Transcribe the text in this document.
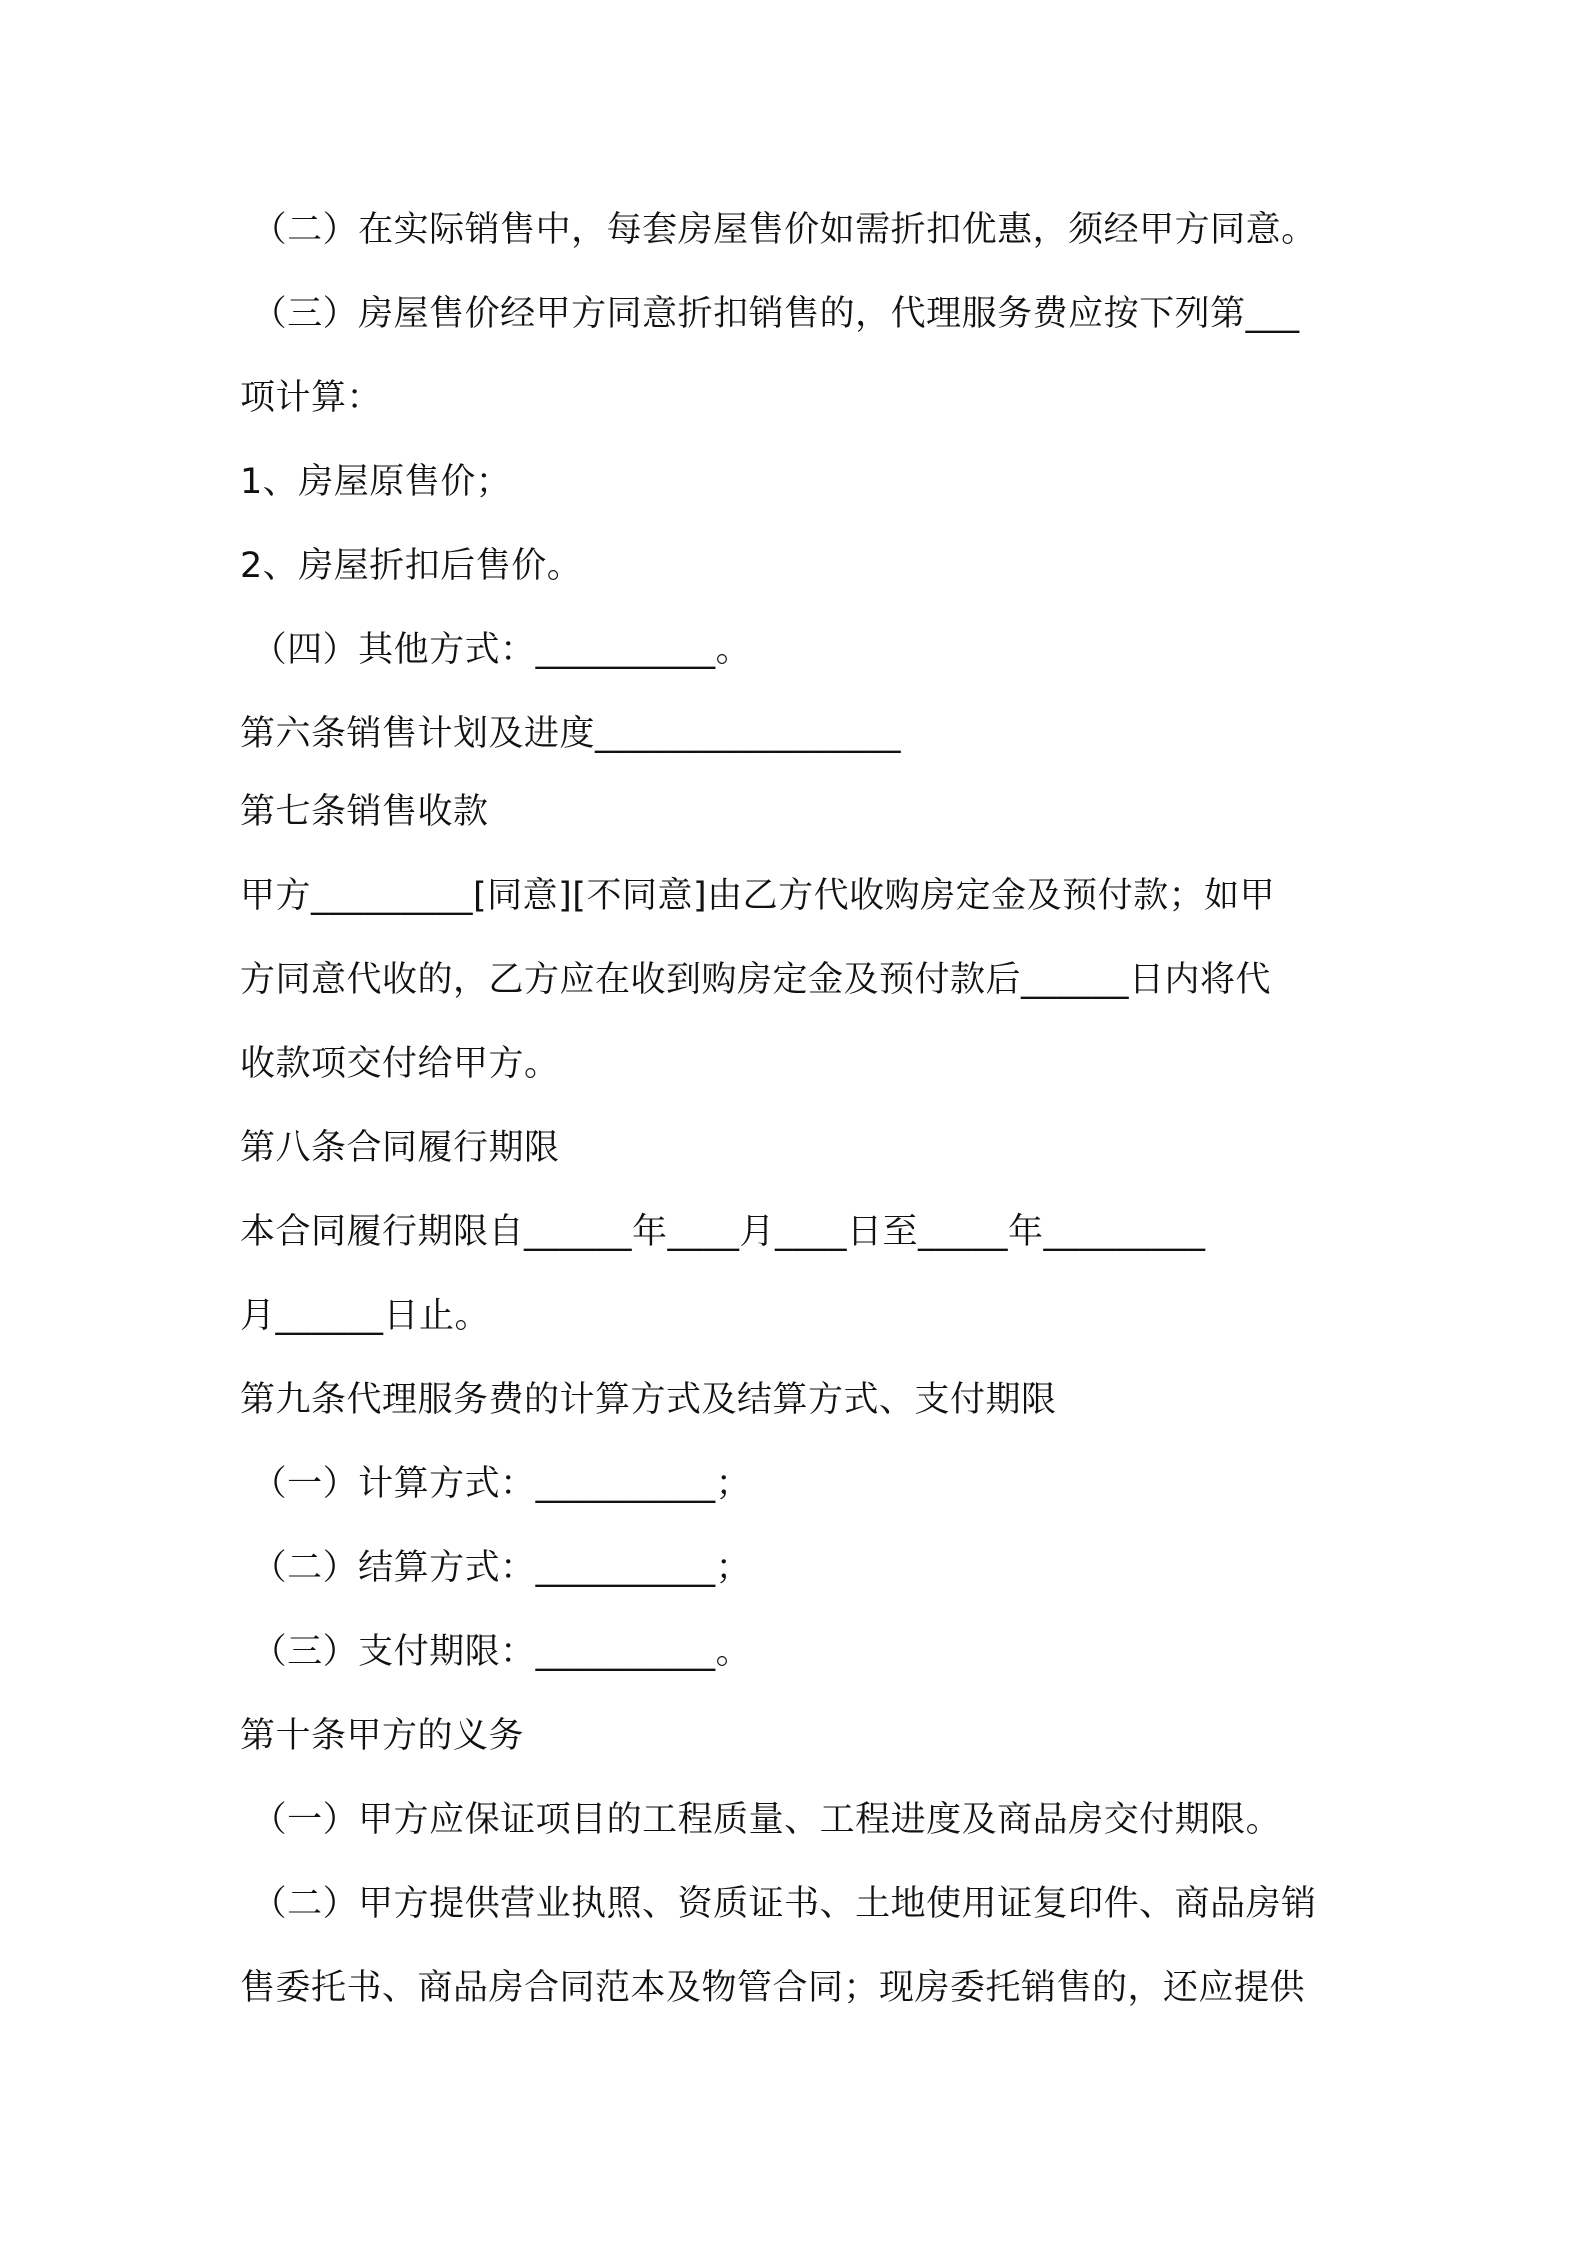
（二）在实际销售中，每套房屋售价如需折扣优惠，须经甲方同意。
（三）房屋售价经甲方同意折扣销售的，代理服务费应按下列第___
项计算：
1、房屋原售价；
2、房屋折扣后售价。
（四）其他方式：__________。
第六条销售计划及进度_________________
第七条销售收款
甲方_________[同意][不同意]由乙方代收购房定金及预付款；如甲
方同意代收的，乙方应在收到购房定金及预付款后______日内将代
收款项交付给甲方。
第八条合同履行期限
本合同履行期限自______年____月____日至_____年_________
月______日止。
第九条代理服务费的计算方式及结算方式、支付期限
（一）计算方式：__________；
（二）结算方式：__________；
（三）支付期限：__________。
第十条甲方的义务
（一）甲方应保证项目的工程质量、工程进度及商品房交付期限。
（二）甲方提供营业执照、资质证书、土地使用证复印件、商品房销
售委托书、商品房合同范本及物管合同；现房委托销售的，还应提供
